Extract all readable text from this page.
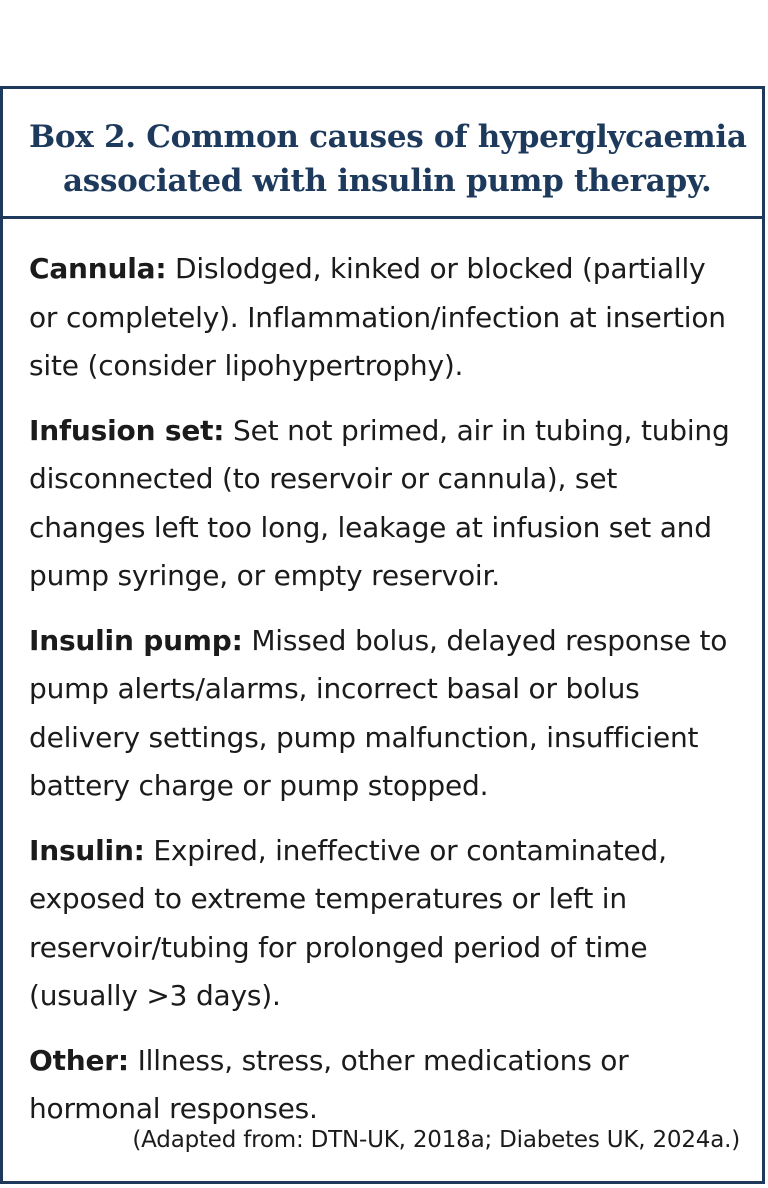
Box 2. Common causes of hyperglycaemia
associated with insulin pump therapy.

Cannula: Dislodged, kinked or blocked (partially or completely). Inflammation/infection at insertion site (consider lipohypertrophy).

Infusion set: Set not primed, air in tubing, tubing disconnected (to reservoir or cannula), set changes left too long, leakage at infusion set and pump syringe, or empty reservoir.

Insulin pump: Missed bolus, delayed response to pump alerts/alarms, incorrect basal or bolus delivery settings, pump malfunction, insufficient battery charge or pump stopped.

Insulin: Expired, ineffective or contaminated, exposed to extreme temperatures or left in reservoir/tubing for prolonged period of time (usually >3 days).

Other: Illness, stress, other medications or hormonal responses.

(Adapted from: DTN-UK, 2018a; Diabetes UK, 2024a.)
